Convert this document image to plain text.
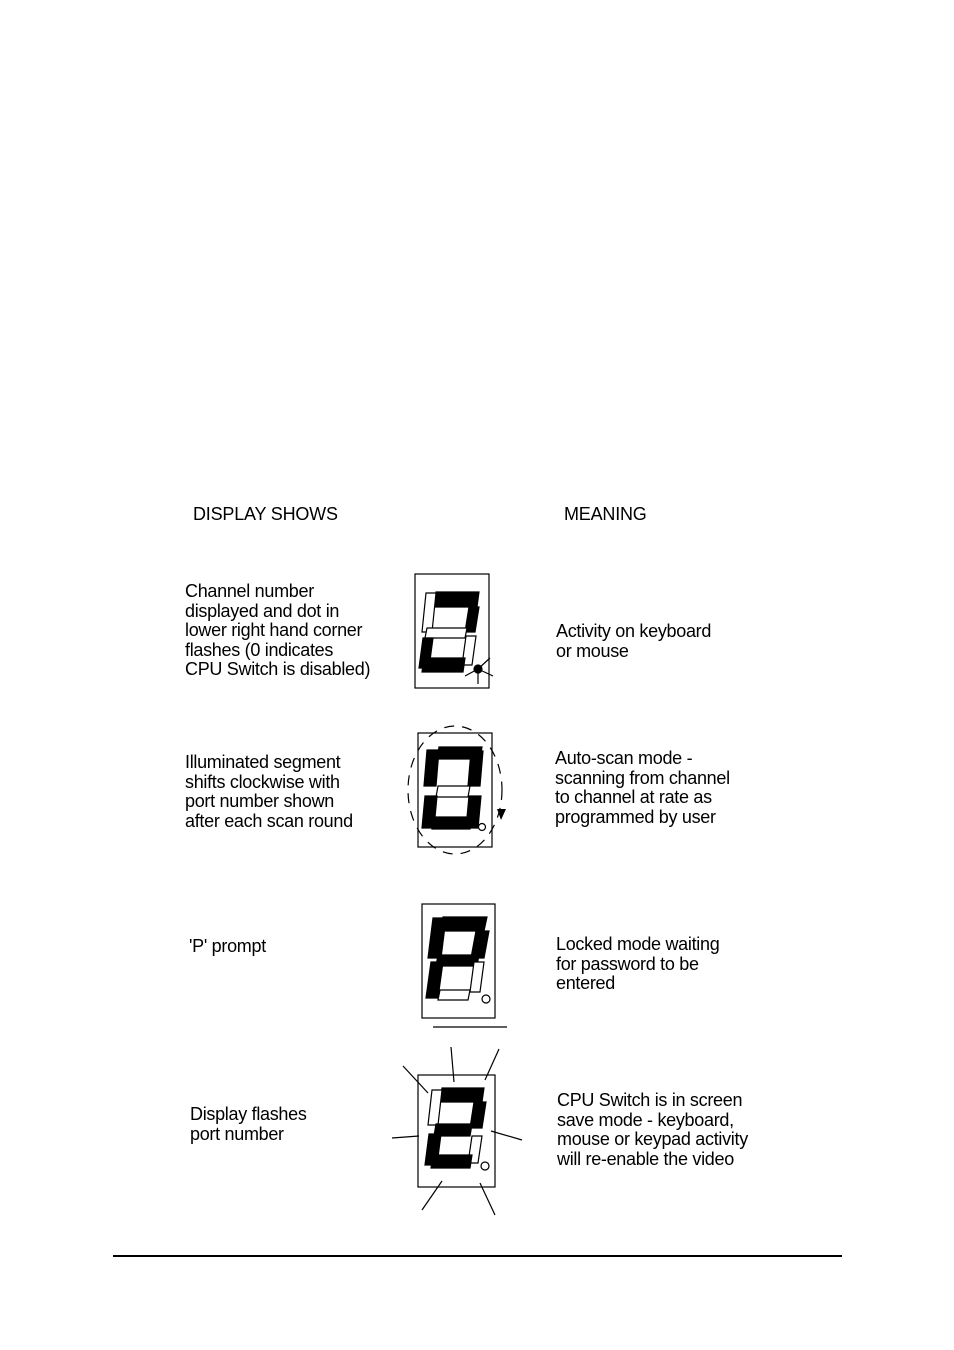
DISPLAY SHOWS	MEANING
Channel number
displayed and dot in
lower right hand corner
flashes (0 indicates
CPU Switch is disabled)
Activity on keyboard
or mouse
Illuminated segment
shifts clockwise with
port number shown
after each scan round
Auto-scan mode -
scanning from channel
to channel at rate as
programmed by user
'P' prompt	Locked mode waiting
for password to be
entered
Display flashes
port number
CPU Switch is in screen
save mode - keyboard,
mouse or keypad activity
will re-enable the video
